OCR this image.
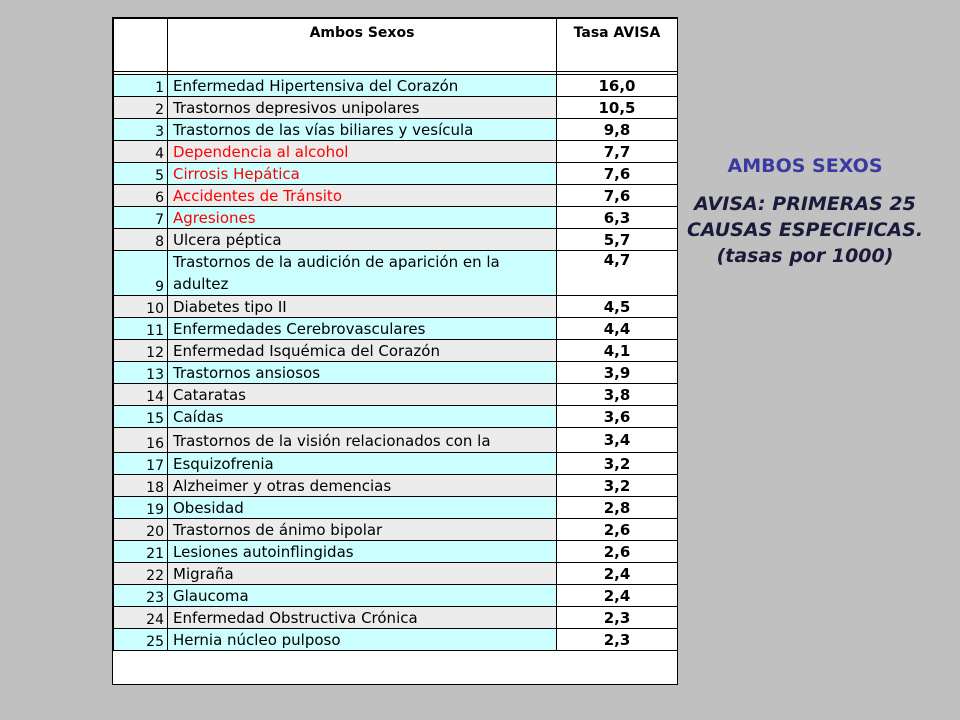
	Ambos Sexos	Tasa AVISA

1	Enfermedad Hipertensiva del Corazón	16,0
2	Trastornos depresivos unipolares	10,5
3	Trastornos de las vías biliares y vesícula	9,8
4	Dependencia al alcohol	7,7
5	Cirrosis Hepática	7,6
6	Accidentes de Tránsito	7,6
7	Agresiones	6,3
8	Ulcera péptica	5,7
9	Trastornos de la audición de aparición en la adultez	4,7
10	Diabetes tipo II	4,5
11	Enfermedades Cerebrovasculares	4,4
12	Enfermedad Isquémica del Corazón	4,1
13	Trastornos ansiosos	3,9
14	Cataratas	3,8
15	Caídas	3,6
16	Trastornos de la visión relacionados con la	3,4
17	Esquizofrenia	3,2
18	Alzheimer y otras demencias	3,2
19	Obesidad	2,8
20	Trastornos de ánimo bipolar	2,6
21	Lesiones autoinflingidas	2,6
22	Migraña	2,4
23	Glaucoma	2,4
24	Enfermedad Obstructiva Crónica	2,3
25	Hernia núcleo pulposo	2,3
AMBOS SEXOS
AVISA: PRIMERAS 25 CAUSAS ESPECIFICAS.
(tasas por 1000)
